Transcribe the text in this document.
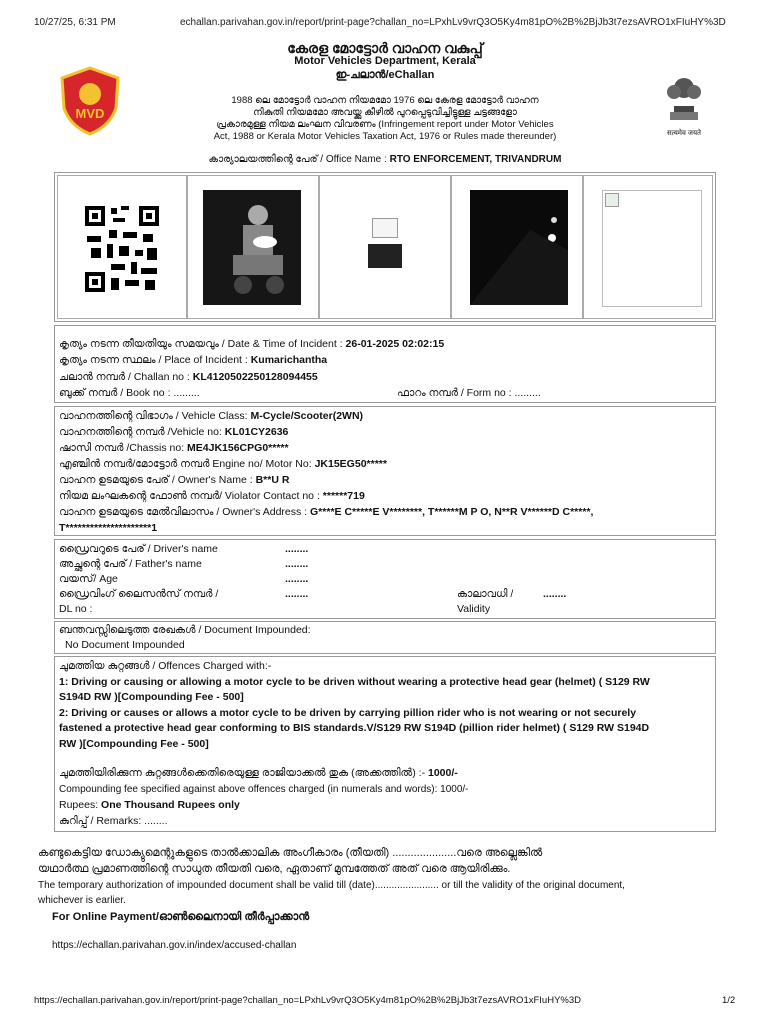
10/27/25, 6:31 PM	echallan.parivahan.gov.in/report/print-page?challan_no=LPxhLv9vrQ3O5Ky4m81pO%2B%2BjJb3t7ezsAVRO1xFIuHY%3D
MVD
सत्यमेव जयते
കേരള മോട്ടോർ വാഹന വകുപ്പ്
Motor Vehicles Department, Kerala
ഇ-ചലാൻ/eChallan
1988 ലെ മോട്ടോർ വാഹന നിയമമോ 1976 ലെ കേരള മോട്ടോർ വാഹന
നികുതി നിയമമോ അവയ്ക്കു കീഴിൽ പുറപ്പെടുവിച്ചിട്ടുള്ള ചട്ടങ്ങളോ
പ്രകാരമുള്ള നിയമ ലംഘന വിവരണം (Infringement report under Motor Vehicles
Act, 1988 or Kerala Motor Vehicles Taxation Act, 1976 or Rules made thereunder)
കാര്യാലയത്തിന്റെ പേര് / Office Name : RTO ENFORCEMENT, TRIVANDRUM
കൃത്യം നടന്ന തീയതിയും സമയവും / Date & Time of Incident : 26-01-2025 02:02:15
കൃത്യം നടന്ന സ്ഥലം / Place of Incident : Kumarichantha
ചലാൻ നമ്പർ / Challan no : KL4120502250128094455
ബുക്ക് നമ്പർ / Book no : .........	ഫാറം നമ്പർ / Form no : .........
വാഹനത്തിന്റെ വിഭാഗം / Vehicle Class: M-Cycle/Scooter(2WN)
വാഹനത്തിന്റെ നമ്പർ /Vehicle no: KL01CY2636
ഷാസി നമ്പർ /Chassis no: ME4JK156CPG0*****
എഞ്ചിൻ നമ്പർ/മോട്ടോർ നമ്പർ Engine no/ Motor No: JK15EG50*****
വാഹന ഉടമയുടെ പേര് / Owner's Name : B**U R
നിയമ ലംഘകന്റെ ഫോൺ നമ്പർ/ Violator Contact no : ******719
വാഹന ഉടമയുടെ മേൽവിലാസം / Owner's Address : G****E C*****E V********, T******M P O, N**R V******D C*****,
T*********************1
ഡ്രൈവറുടെ പേര് / Driver's name	........
അച്ഛന്റെ പേര് / Father's name	........
വയസ്/ Age	........
ഡ്രൈവിംഗ് ലൈസൻസ് നമ്പർ /	........
DL no :
കാലാവധി /	........
Validity
ബന്തവസ്സിലെടുത്ത രേഖകൾ / Document Impounded:
No Document Impounded
ചുമത്തിയ കുറ്റങ്ങൾ / Offences Charged with:-
1: Driving or causing or allowing a motor cycle to be driven without wearing a protective head gear (helmet) ( S129 RW
S194D RW )[Compounding Fee - 500]
2: Driving or causes or allows a motor cycle to be driven by carrying pillion rider who is not wearing or not securely
fastened a protective head gear conforming to BIS standards.V/S129 RW S194D (pillion rider helmet) ( S129 RW S194D
RW )[Compounding Fee - 500]
ചുമത്തിയിരിക്കുന്ന കുറ്റങ്ങൾക്കെതിരെയുള്ള രാജിയാക്കൽ തുക (അക്കത്തിൽ) :- 1000/-
Compounding fee specified against above offences charged (in numerals and words): 1000/-
Rupees: One Thousand Rupees only
കുറിപ്പ് / Remarks: ........
കണ്ടുകെട്ടിയ ഡോക്യുമെന്റുകളുടെ താൽക്കാലിക അംഗീകാരം (തീയതി) .....................വരെ അല്ലെങ്കിൽ
യഥാർത്ഥ പ്രമാണത്തിന്റെ സാധുത തീയതി വരെ, ഏതാണ് മുമ്പത്തേത് അത് വരെ ആയിരിക്കും.
The temporary authorization of impounded document shall be valid till (date)....................... or till the validity of the original document,
whichever is earlier.
For Online Payment/ഓൺലൈനായി തീർപ്പാക്കാൻ
https://echallan.parivahan.gov.in/index/accused-challan
https://echallan.parivahan.gov.in/report/print-page?challan_no=LPxhLv9vrQ3O5Ky4m81pO%2B%2BjJb3t7ezsAVRO1xFIuHY%3D	1/2
